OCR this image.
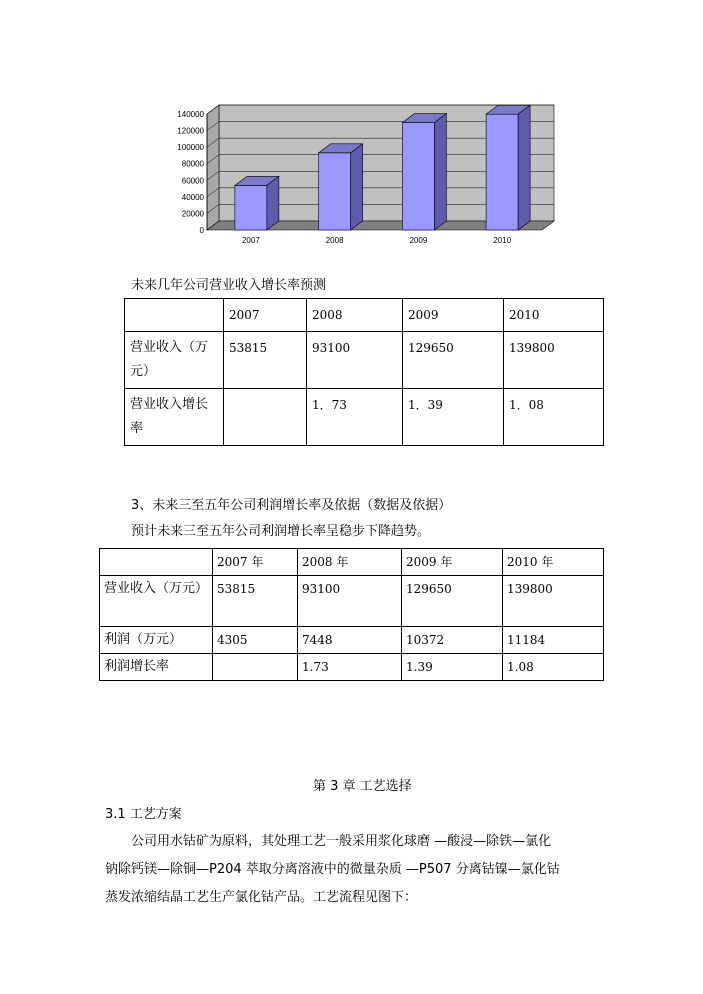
0
20000
40000
60000
80000
100000
120000
140000
2007	2008	2009	2010
未来几年公司营业收入增长率预测
	2007	2008	2009	2010
营业收入（万元）	53815	93100	129650	139800
营业收入增长率		1．73	1．39	1．08
3、未来三至五年公司利润增长率及依据（数据及依据）
预计未来三至五年公司利润增长率呈稳步下降趋势。
	2007 年	2008 年	2009 年	2010 年
营业收入（万元）	53815	93100	129650	139800
利润（万元）	4305	7448	10372	11184
利润增长率		1.73	1.39	1.08
第 3 章 工艺选择
3.1 工艺方案
公司用水钴矿为原料，其处理工艺一般采用浆化球磨 —酸浸—除铁—氯化
钠除钙镁—除铜—P204 萃取分离溶液中的微量杂质 —P507 分离钴镍—氯化钴
蒸发浓缩结晶工艺生产氯化钴产品。工艺流程见图下：
